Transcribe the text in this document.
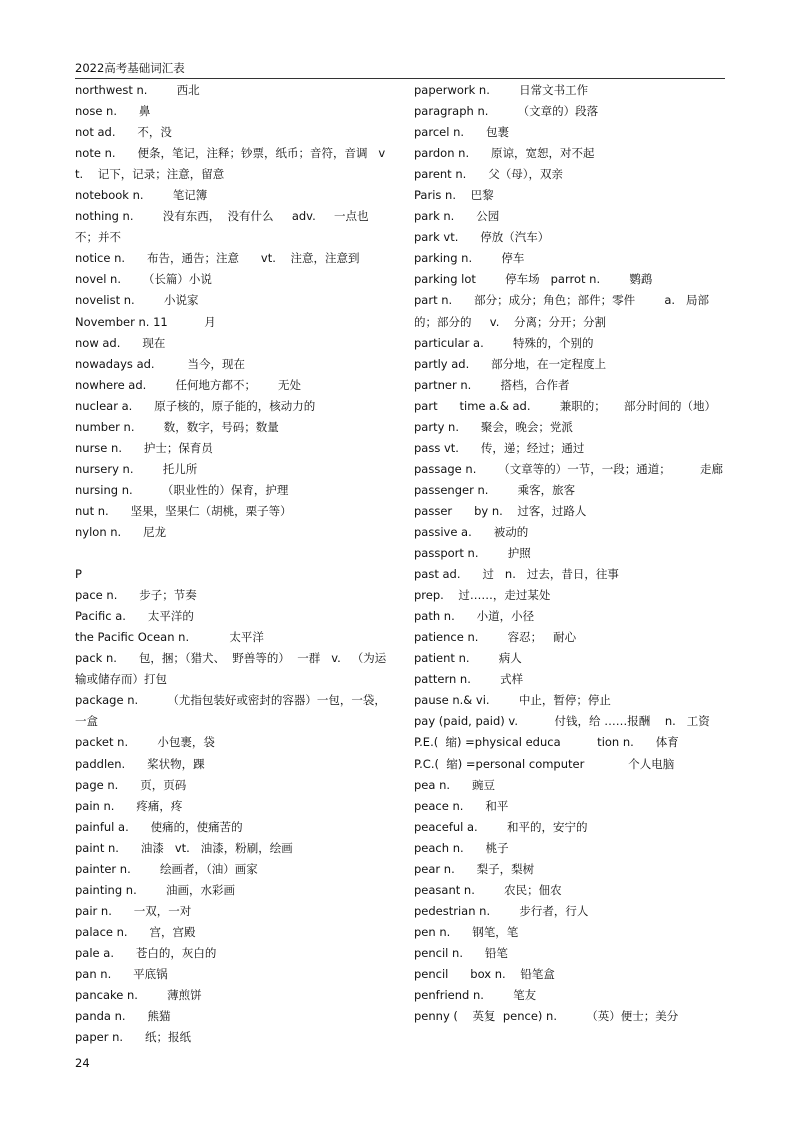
2022高考基础词汇表
northwest n.        西北
nose n.      鼻
not ad.      不，没
note n.      便条，笔记，注释；钞票，纸币；音符，音调   vt.    记下，记录；注意，留意
notebook n.        笔记簿
nothing n.        没有东西，  没有什么     adv.     一点也不；并不
notice n.      布告，通告；注意      vt.    注意，注意到
novel n.      （长篇）小说
novelist n.        小说家
November n. 11          月
now ad.      现在
nowadays ad.         当今，现在
nowhere ad.        任何地方都不；      无处
nuclear a.      原子核的，原子能的，核动力的
number n.        数，数字，号码；数量
nurse n.      护士；保育员
nursery n.        托儿所
nursing n.        （职业性的）保育，护理
nut n.      坚果，坚果仁（胡桃，栗子等）
nylon n.      尼龙

P
pace n.      步子；节奏
Pacific a.      太平洋的
the Pacific Ocean n.           太平洋
pack n.      包，捆；（猎犬、  野兽等的）  一群   v.   （为运输或储存而）打包
package n.        （尤指包装好或密封的容器）一包，一袋，一盒
packet n.        小包裹，袋
paddlen.      桨状物，踝
page n.      页，页码
pain n.      疼痛，疼
painful a.      使痛的，使痛苦的
paint n.      油漆   vt.   油漆，粉刷，绘画
painter n.        绘画者，（油）画家
painting n.        油画，水彩画
pair n.      一双，一对
palace n.      宫，宫殿
pale a.      苍白的，灰白的
pan n.      平底锅
pancake n.        薄煎饼
panda n.      熊猫
paper n.      纸；报纸
paperwork n.        日常文书工作
paragraph n.        （文章的）段落
parcel n.      包裹
pardon n.      原谅，宽恕，对不起
parent n.      父（母），双亲
Paris n.    巴黎
park n.      公园
park vt.      停放（汽车）
parking n.        停车
parking lot        停车场   parrot n.        鹦鹉
part n.      部分；成分；角色；部件；零件        a.   局部的；部分的     v.    分离；分开；分割
particular a.        特殊的，个别的
partly ad.      部分地，在一定程度上
partner n.        搭档，合作者
part      time a.& ad.        兼职的；     部分时间的（地）
party n.      聚会，晚会；党派
pass vt.      传，递；经过；通过
passage n.      （文章等的）一节，一段；通道；        走廊
passenger n.        乘客，旅客
passer      by n.    过客，过路人
passive a.      被动的
passport n.        护照
past ad.      过   n.   过去，昔日，往事
prep.    过……，走过某处
path n.      小道，小径
patience n.        容忍；   耐心
patient n.        病人
pattern n.        式样
pause n.& vi.        中止，暂停；停止
pay (paid, paid) v.          付钱，给 ……报酬    n.   工资
P.E.(  缩) =physical educa          tion n.      体育
P.C.(  缩) =personal computer            个人电脑
pea n.      豌豆
peace n.      和平
peaceful a.        和平的，安宁的
peach n.      桃子
pear n.      梨子，梨树
peasant n.        农民；佃农
pedestrian n.        步行者，行人
pen n.      钢笔，笔
pencil n.      铅笔
pencil      box n.    铅笔盒
penfriend n.        笔友
penny (    英复  pence) n.        （英）便士；美分
24
